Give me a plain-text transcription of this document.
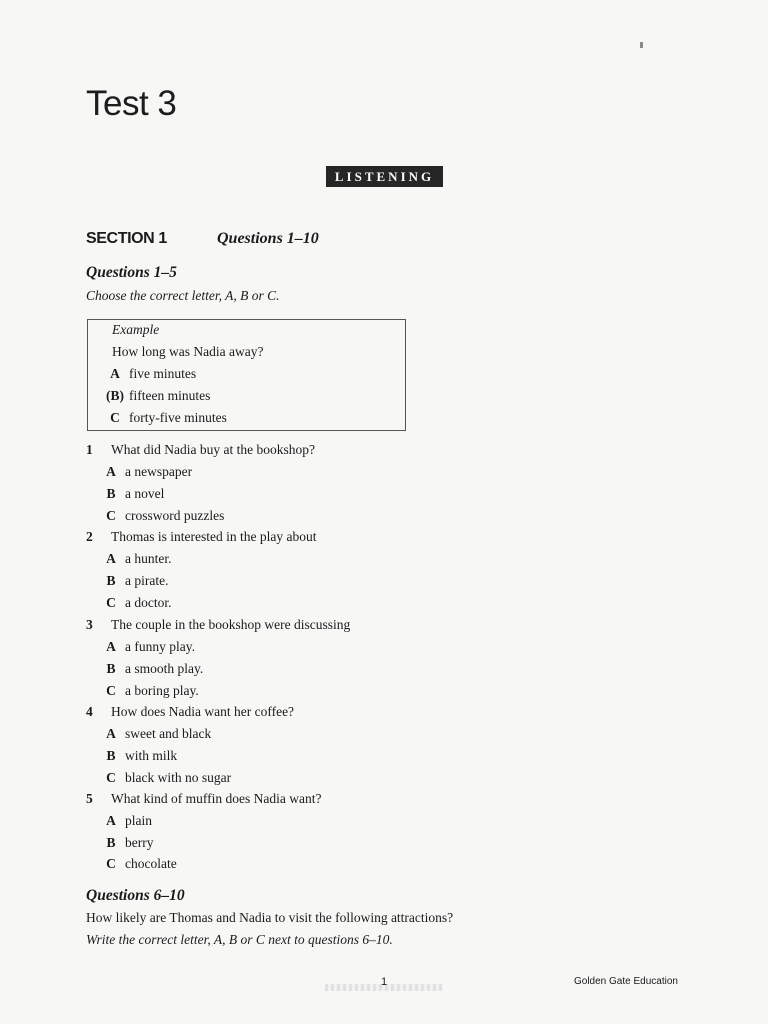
Test 3
LISTENING
SECTION 1	Questions 1–10
Questions 1–5
Choose the correct letter, A, B or C.
Example
How long was Nadia away?
A five minutes
(B) fifteen minutes
C forty-five minutes
1 What did Nadia buy at the bookshop?
A a newspaper
B a novel
C crossword puzzles
2 Thomas is interested in the play about
A a hunter.
B a pirate.
C a doctor.
3 The couple in the bookshop were discussing
A a funny play.
B a smooth play.
C a boring play.
4 How does Nadia want her coffee?
A sweet and black
B with milk
C black with no sugar
5 What kind of muffin does Nadia want?
A plain
B berry
C chocolate
Questions 6–10
How likely are Thomas and Nadia to visit the following attractions?
Write the correct letter, A, B or C next to questions 6–10.
1	Golden Gate Education
